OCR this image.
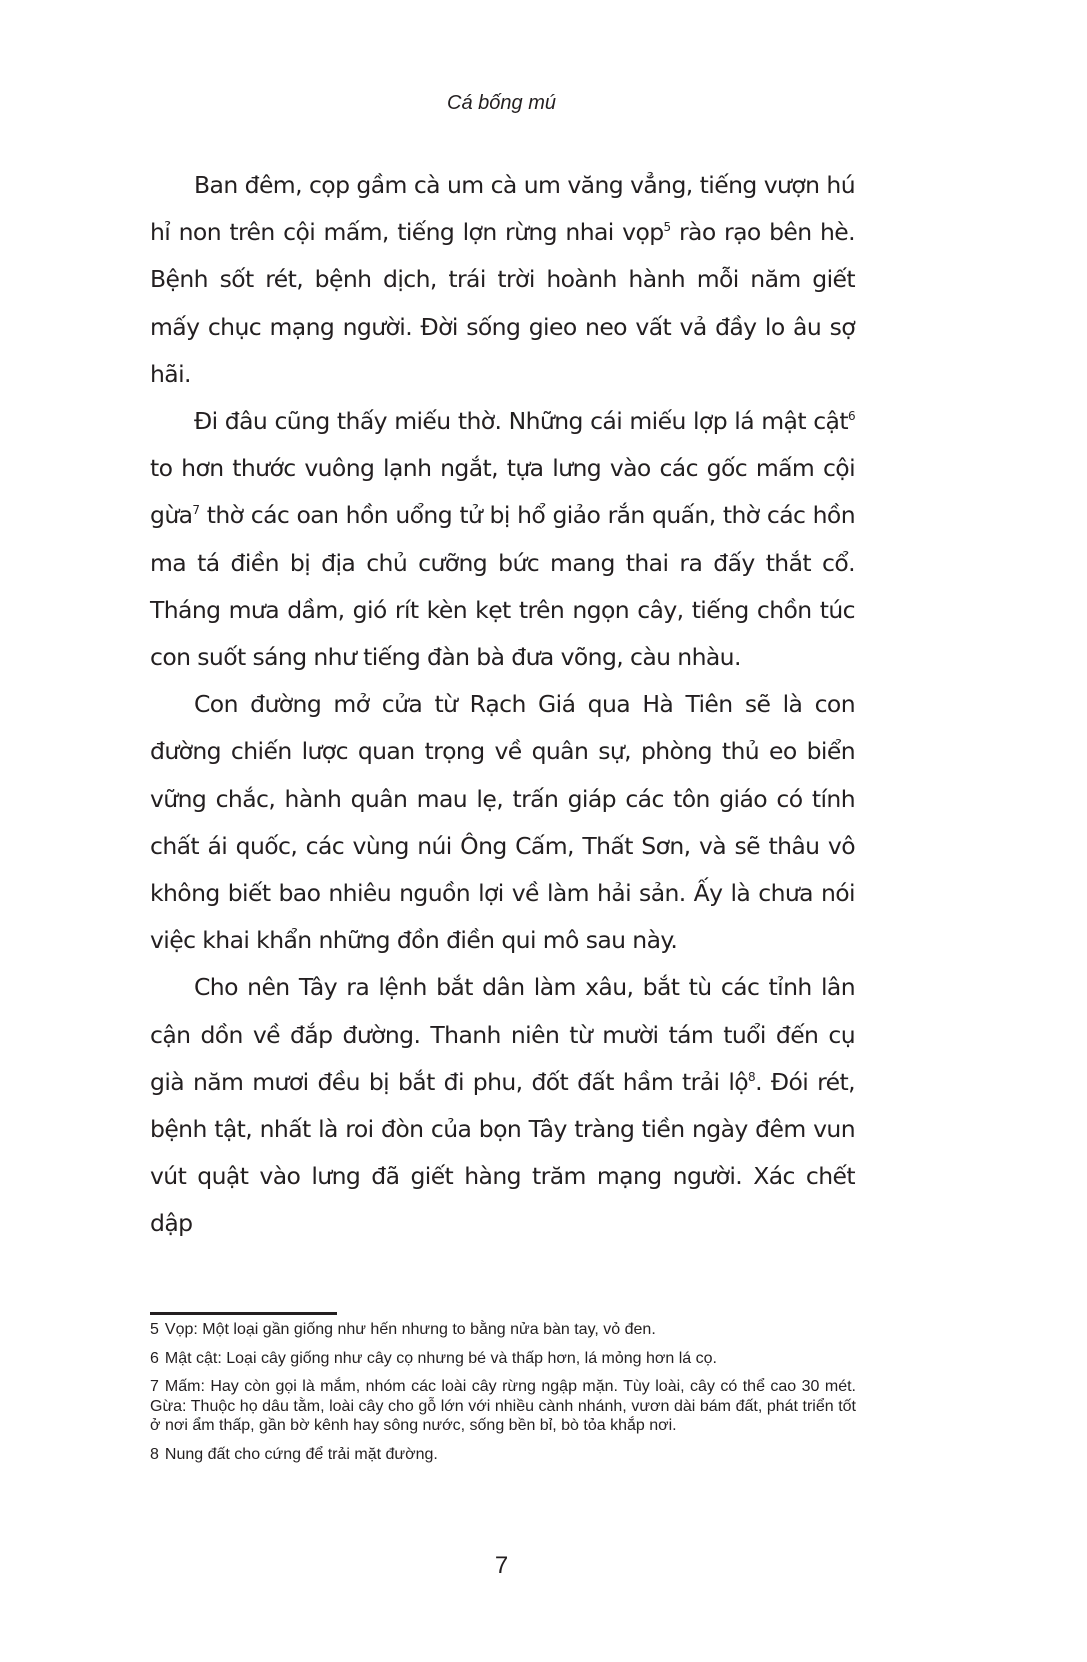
Cá bống mú

Ban đêm, cọp gầm cà um cà um văng vẳng, tiếng vượn hú hỉ non trên cội mấm, tiếng lợn rừng nhai vọp$^5$ rào rạo bên hè. Bệnh sốt rét, bệnh dịch, trái trời hoành hành mỗi năm giết mấy chục mạng người. Đời sống gieo neo vất vả đầy lo âu sợ hãi.

Đi đâu cũng thấy miếu thờ. Những cái miếu lợp lá mật cật$^6$ to hơn thước vuông lạnh ngắt, tựa lưng vào các gốc mấm cội gừa$^7$ thờ các oan hồn uổng tử bị hổ giảo rắn quấn, thờ các hồn ma tá điền bị địa chủ cưỡng bức mang thai ra đấy thắt cổ. Tháng mưa dầm, gió rít kèn kẹt trên ngọn cây, tiếng chồn túc con suốt sáng như tiếng đàn bà đưa võng, càu nhàu.

Con đường mở cửa từ Rạch Giá qua Hà Tiên sẽ là con đường chiến lược quan trọng về quân sự, phòng thủ eo biển vững chắc, hành quân mau lẹ, trấn giáp các tôn giáo có tính chất ái quốc, các vùng núi Ông Cấm, Thất Sơn, và sẽ thâu vô không biết bao nhiêu nguồn lợi về làm hải sản. Ấy là chưa nói việc khai khẩn những đồn điền qui mô sau này.

Cho nên Tây ra lệnh bắt dân làm xâu, bắt tù các tỉnh lân cận dồn về đắp đường. Thanh niên từ mười tám tuổi đến cụ già năm mươi đều bị bắt đi phu, đốt đất hầm trải lộ$^8$. Đói rét, bệnh tật, nhất là roi đòn của bọn Tây tràng tiền ngày đêm vun vút quật vào lưng đã giết hàng trăm mạng người. Xác chết dập

5 Vọp: Một loại gần giống như hến nhưng to bằng nửa bàn tay, vỏ đen.

6 Mật cật: Loại cây giống như cây cọ nhưng bé và thấp hơn, lá mỏng hơn lá cọ.

7 Mấm: Hay còn gọi là mắm, nhóm các loài cây rừng ngập mặn. Tùy loài, cây có thể cao 30 mét. Gừa: Thuộc họ dâu tằm, loài cây cho gỗ lớn với nhiều cành nhánh, vươn dài bám đất, phát triển tốt ở nơi ẩm thấp, gần bờ kênh hay sông nước, sống bền bỉ, bò tỏa khắp nơi.

8 Nung đất cho cứng để trải mặt đường.

7
